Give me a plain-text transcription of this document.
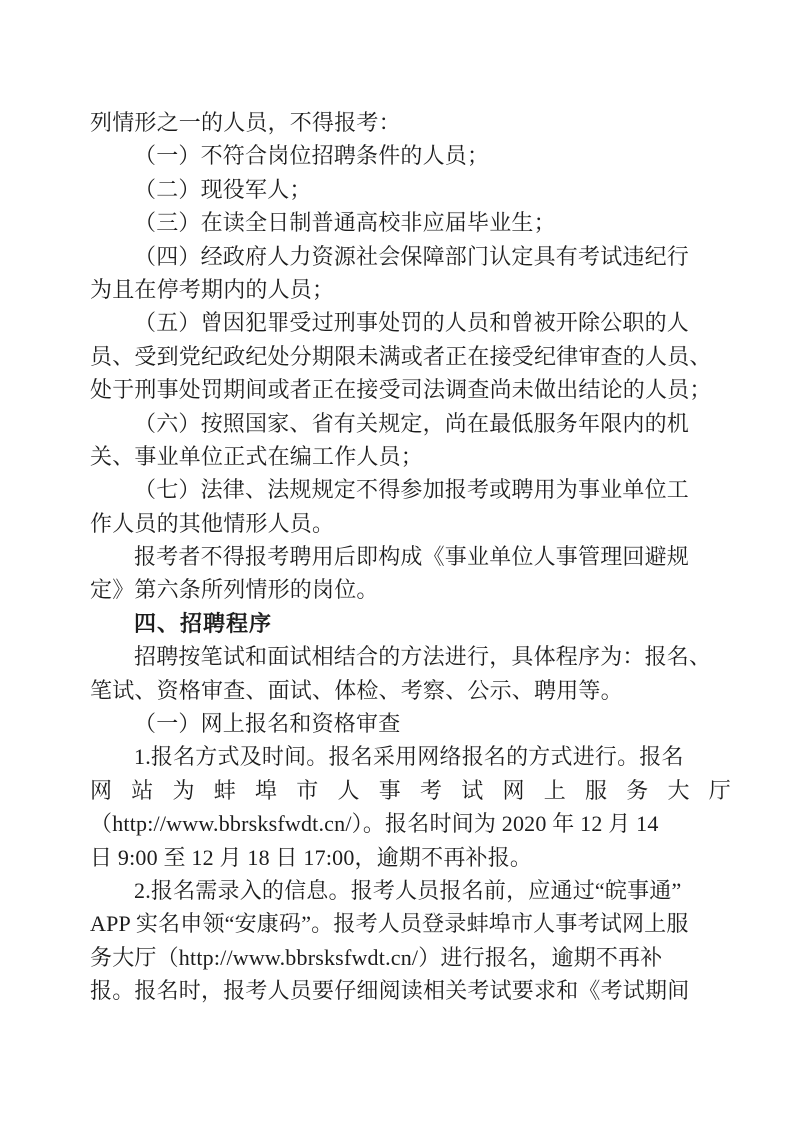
列情形之一的人员，不得报考：
（一）不符合岗位招聘条件的人员；
（二）现役军人；
（三）在读全日制普通高校非应届毕业生；
（四）经政府人力资源社会保障部门认定具有考试违纪行
为且在停考期内的人员；
（五）曾因犯罪受过刑事处罚的人员和曾被开除公职的人
员、受到党纪政纪处分期限未满或者正在接受纪律审查的人员、
处于刑事处罚期间或者正在接受司法调查尚未做出结论的人员；
（六）按照国家、省有关规定，尚在最低服务年限内的机
关、事业单位正式在编工作人员；
（七）法律、法规规定不得参加报考或聘用为事业单位工
作人员的其他情形人员。
报考者不得报考聘用后即构成《事业单位人事管理回避规
定》第六条所列情形的岗位。
四、招聘程序
招聘按笔试和面试相结合的方法进行，具体程序为：报名、
笔试、资格审查、面试、体检、考察、公示、聘用等。
（一）网上报名和资格审查
1.报名方式及时间。报名采用网络报名的方式进行。报名
网 站 为 蚌 埠 市 人 事 考 试 网 上 服 务 大 厅
（http://www.bbrsksfwdt.cn/）。报名时间为 2020 年 12 月 14
日 9:00 至 12 月 18 日 17:00，逾期不再补报。
2.报名需录入的信息。报考人员报名前，应通过“皖事通”
APP 实名申领“安康码”。报考人员登录蚌埠市人事考试网上服
务大厅（http://www.bbrsksfwdt.cn/）进行报名，逾期不再补
报。报名时，报考人员要仔细阅读相关考试要求和《考试期间
